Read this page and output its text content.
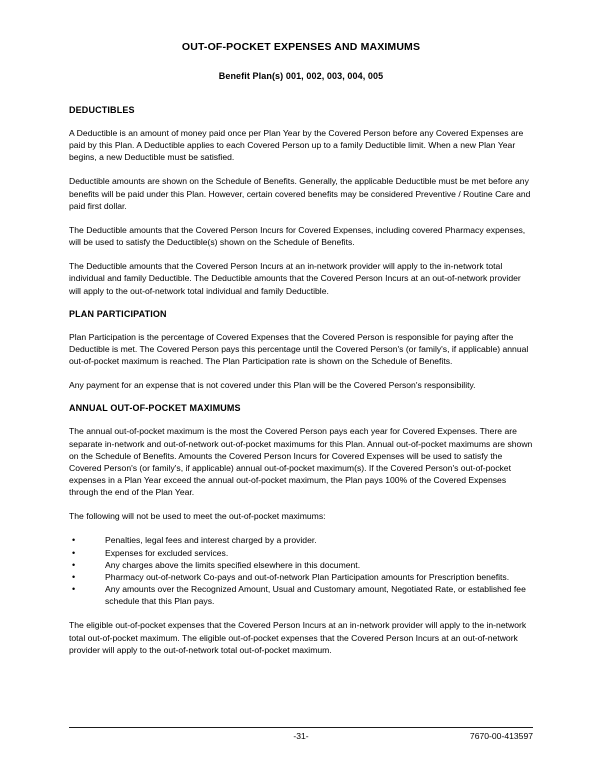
OUT-OF-POCKET EXPENSES AND MAXIMUMS
Benefit Plan(s) 001, 002, 003, 004, 005
DEDUCTIBLES

A Deductible is an amount of money paid once per Plan Year by the Covered Person before any Covered Expenses are paid by this Plan. A Deductible applies to each Covered Person up to a family Deductible limit. When a new Plan Year begins, a new Deductible must be satisfied.

Deductible amounts are shown on the Schedule of Benefits. Generally, the applicable Deductible must be met before any benefits will be paid under this Plan. However, certain covered benefits may be considered Preventive / Routine Care and paid first dollar.

The Deductible amounts that the Covered Person Incurs for Covered Expenses, including covered Pharmacy expenses, will be used to satisfy the Deductible(s) shown on the Schedule of Benefits.

The Deductible amounts that the Covered Person Incurs at an in-network provider will apply to the in-network total individual and family Deductible. The Deductible amounts that the Covered Person Incurs at an out-of-network provider will apply to the out-of-network total individual and family Deductible.

PLAN PARTICIPATION

Plan Participation is the percentage of Covered Expenses that the Covered Person is responsible for paying after the Deductible is met. The Covered Person pays this percentage until the Covered Person's (or family's, if applicable) annual out-of-pocket maximum is reached. The Plan Participation rate is shown on the Schedule of Benefits.

Any payment for an expense that is not covered under this Plan will be the Covered Person's responsibility.

ANNUAL OUT-OF-POCKET MAXIMUMS

The annual out-of-pocket maximum is the most the Covered Person pays each year for Covered Expenses. There are separate in-network and out-of-network out-of-pocket maximums for this Plan. Annual out-of-pocket maximums are shown on the Schedule of Benefits. Amounts the Covered Person Incurs for Covered Expenses will be used to satisfy the Covered Person's (or family's, if applicable) annual out-of-pocket maximum(s). If the Covered Person's out-of-pocket expenses in a Plan Year exceed the annual out-of-pocket maximum, the Plan pays 100% of the Covered Expenses through the end of the Plan Year.

The following will not be used to meet the out-of-pocket maximums:

•	Penalties, legal fees and interest charged by a provider.
•	Expenses for excluded services.
•	Any charges above the limits specified elsewhere in this document.
•	Pharmacy out-of-network Co-pays and out-of-network Plan Participation amounts for Prescription benefits.
•	Any amounts over the Recognized Amount, Usual and Customary amount, Negotiated Rate, or established fee schedule that this Plan pays.

The eligible out-of-pocket expenses that the Covered Person Incurs at an in-network provider will apply to the in-network total out-of-pocket maximum. The eligible out-of-pocket expenses that the Covered Person Incurs at an out-of-network provider will apply to the out-of-network total out-of-pocket maximum.

-31-	7670-00-413597
